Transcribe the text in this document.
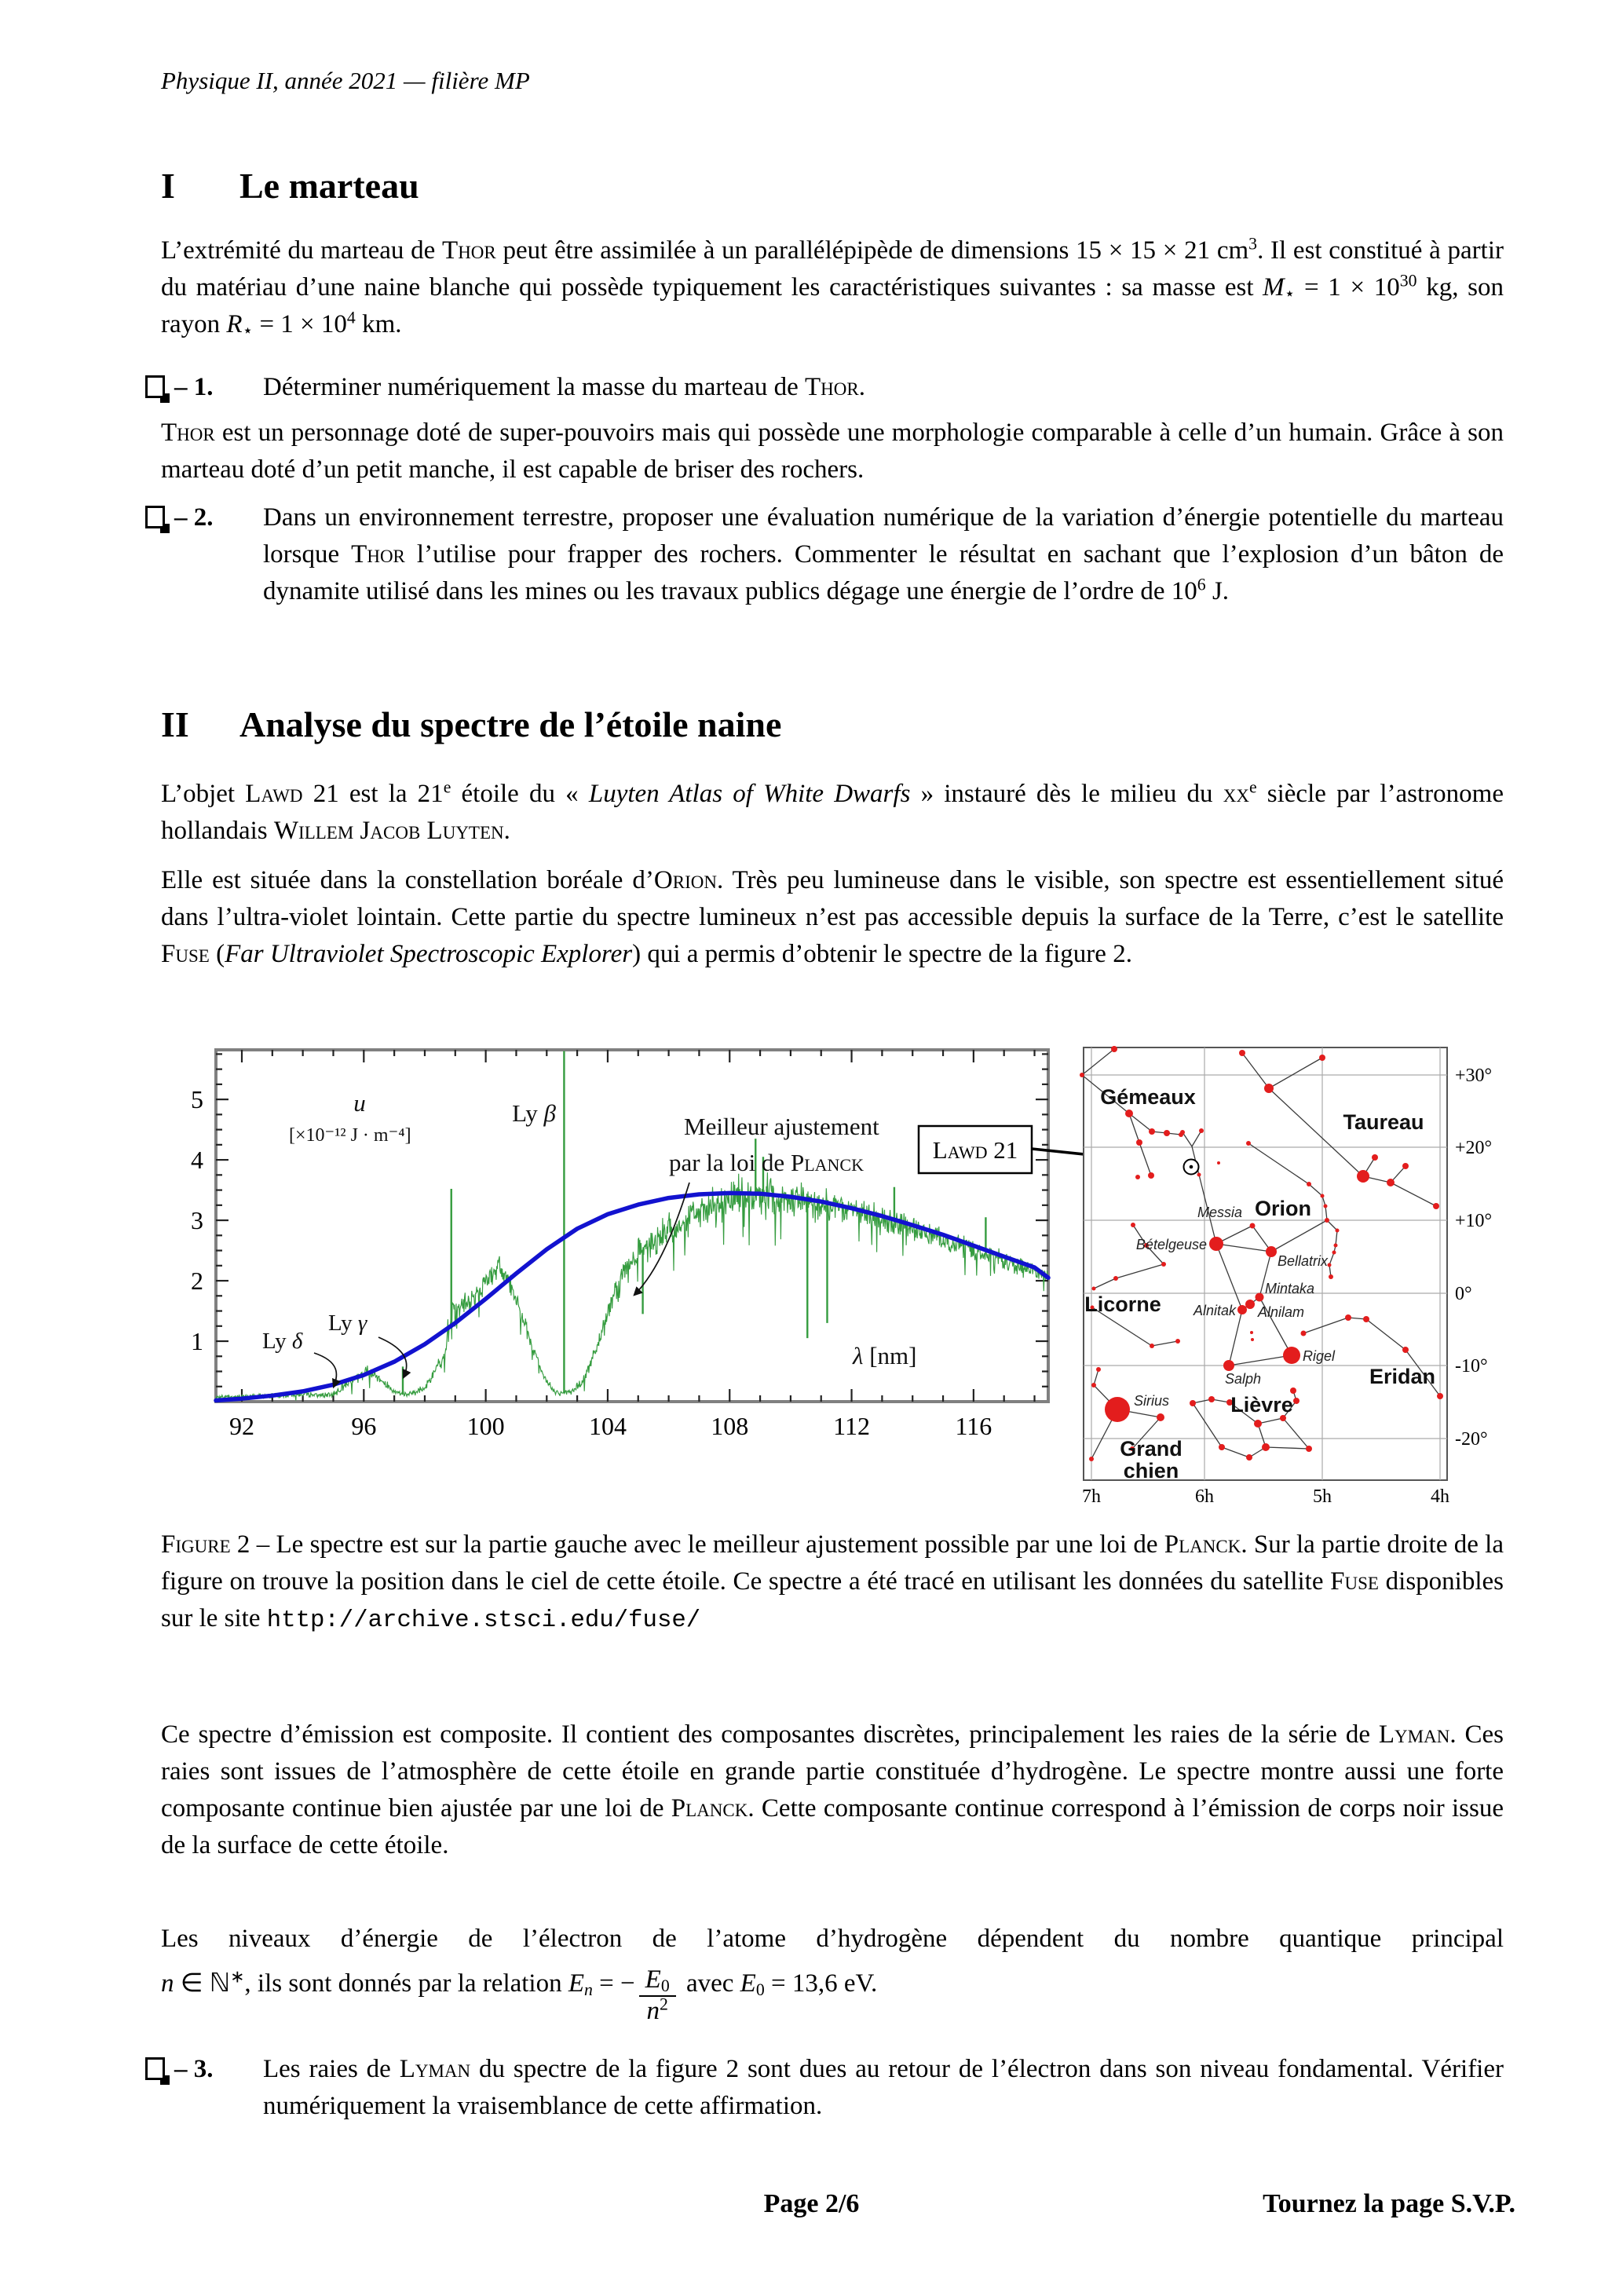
Physique II, année 2021 — filière MP
I	Le marteau
L’extrémité du marteau de Thor peut être assimilée à un parallélépipède de dimensions 15 × 15 × 21 $cm^3$. Il est constitué à partir du matériau d’une naine blanche qui possède typiquement les caractéristiques suivantes : sa masse est M⋆ = $1 \times 10^{30}$ kg, son rayon R⋆ = $1 \times 10^4$ km.
– 1.	Déterminer numériquement la masse du marteau de Thor.
Thor est un personnage doté de super-pouvoirs mais qui possède une morphologie comparable à celle d’un humain. Grâce à son marteau doté d’un petit manche, il est capable de briser des rochers.
– 2.	Dans un environnement terrestre, proposer une évaluation numérique de la variation d’énergie potentielle du marteau lorsque Thor l’utilise pour frapper des rochers. Commenter le résultat en sachant que l’explosion d’un bâton de dynamite utilisé dans les mines ou les travaux publics dégage une énergie de l’ordre de $10^6$ J.
II	Analyse du spectre de l’étoile naine
L’objet Lawd 21 est la 21e étoile du « Luyten Atlas of White Dwarfs » instauré dès le milieu du $xx^e$ siècle par l’astronome hollandais Willem Jacob Luyten.
Elle est située dans la constellation boréale d’Orion. Très peu lumineuse dans le visible, son spectre est essentiellement situé dans l’ultra-violet lointain. Cette partie du spectre lumineux n’est pas accessible depuis la surface de la Terre, c’est le satellite Fuse (Far Ultraviolet Spectroscopic Explorer) qui a permis d’obtenir le spectre de la figure 2.
92	96	100	104	108	112	116
1
2
3
4
5	u
[×10⁻¹² J · m⁻⁴]
Ly β	Meilleur ajustement
par la loi de Planck
Ly γ
Ly δ
λ [nm]
Lawd 21
+30°
+20°
+10°
0°
-10°
-20°
7h	6h	5h	4h
Messia
Bételgeuse
Bellatrix
Mintaka
Alnilam
Alnitak
Rigel
Salph
Sirius
Gémeaux
Taureau
Orion
Licorne
Eridan
Lièvre
Grand
chien
Figure 2 – Le spectre est sur la partie gauche avec le meilleur ajustement possible par une loi de Planck. Sur la partie droite de la figure on trouve la position dans le ciel de cette étoile. Ce spectre a été tracé en utilisant les données du satellite Fuse disponibles sur le site http://archive.stsci.edu/fuse/
Ce spectre d’émission est composite. Il contient des composantes discrètes, principalement les raies de la série de Lyman. Ces raies sont issues de l’atmosphère de cette étoile en grande partie constituée d’hydrogène. Le spectre montre aussi une forte composante continue bien ajustée par une loi de Planck. Cette composante continue correspond à l’émission de corps noir issue de la surface de cette étoile.
Les niveaux d’énergie de l’électron de l’atome d’hydrogène dépendent du nombre quantique principal
n ∈ ℕ∗, ils sont donnés par la relation En = − $\frac{E0}{n^2}$ avec E0 = 13,6 eV.
– 3.	Les raies de Lyman du spectre de la figure 2 sont dues au retour de l’électron dans son niveau fondamental. Vérifier numériquement la vraisemblance de cette affirmation.
Page 2/6	Tournez la page S.V.P.
